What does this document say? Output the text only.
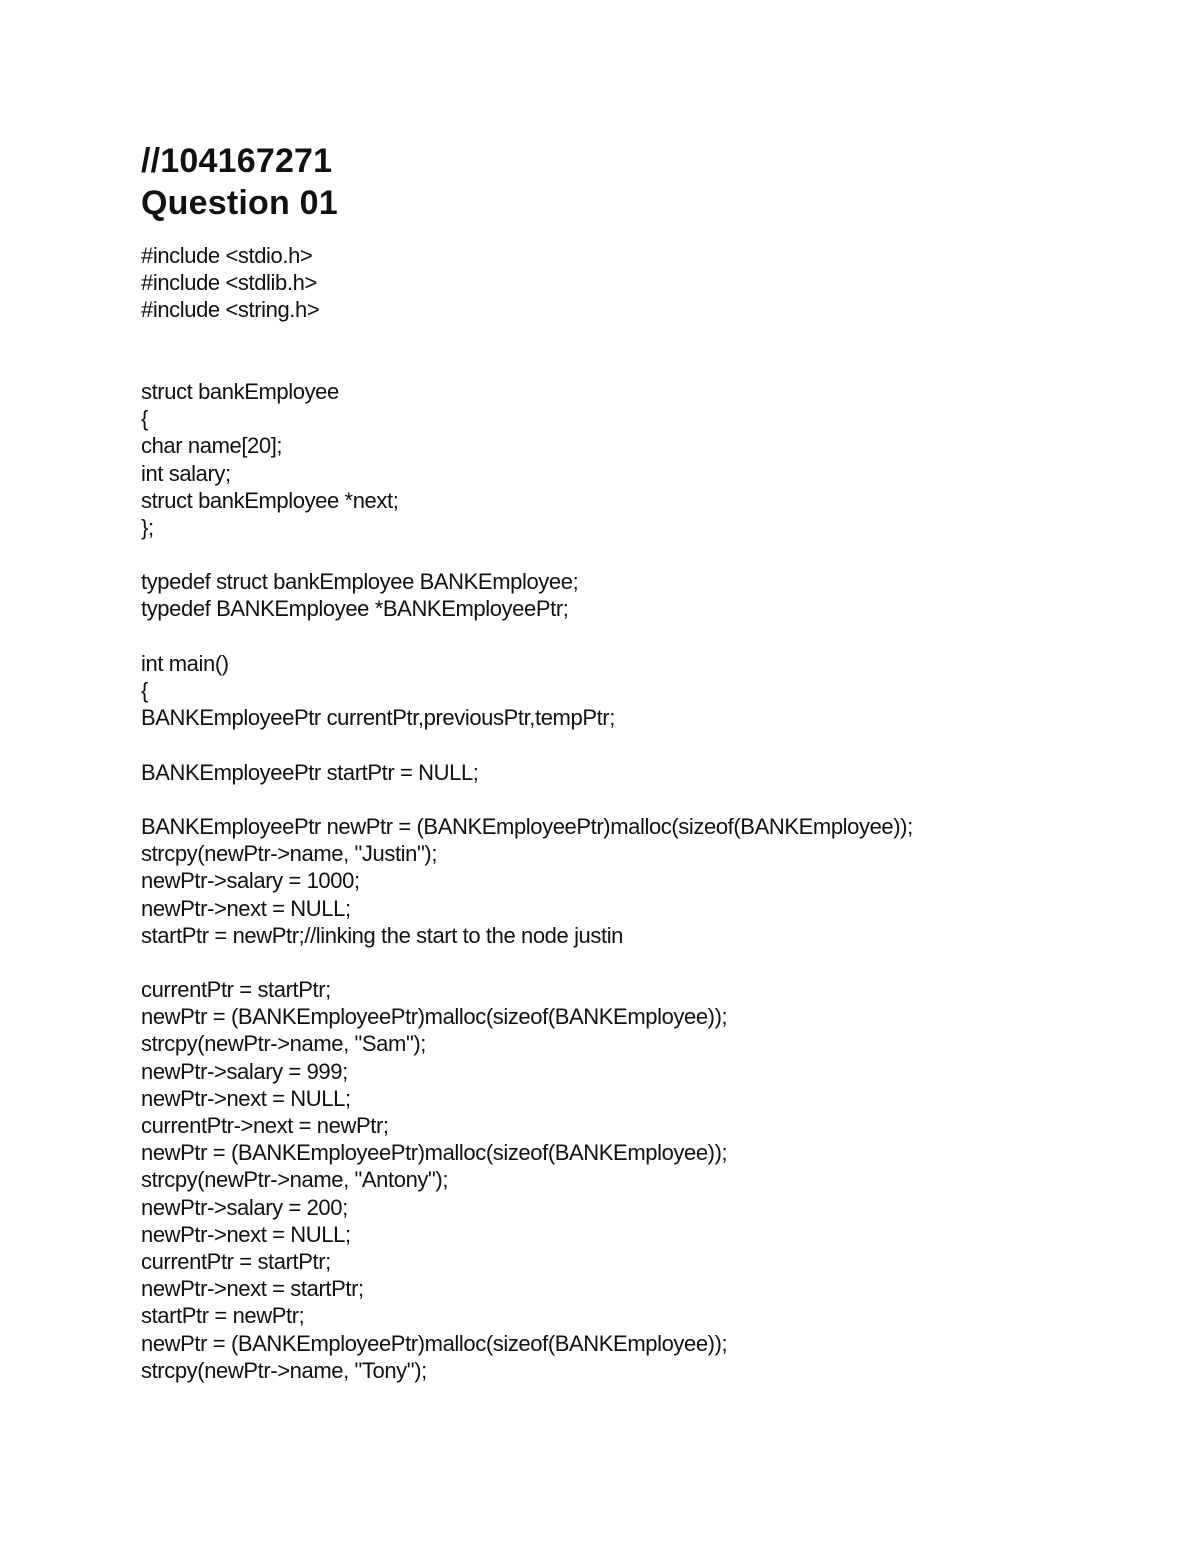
//104167271
Question 01
#include <stdio.h>
#include <stdlib.h>
#include <string.h>
struct bankEmployee
{
char name[20];
int salary;
struct bankEmployee *next;
};
typedef struct bankEmployee BANKEmployee;
typedef BANKEmployee *BANKEmployeePtr;
int main()
{
BANKEmployeePtr currentPtr,previousPtr,tempPtr;
BANKEmployeePtr startPtr = NULL;
BANKEmployeePtr newPtr = (BANKEmployeePtr)malloc(sizeof(BANKEmployee));
strcpy(newPtr->name, "Justin");
newPtr->salary = 1000;
newPtr->next = NULL;
startPtr = newPtr;//linking the start to the node justin
currentPtr = startPtr;
newPtr = (BANKEmployeePtr)malloc(sizeof(BANKEmployee));
strcpy(newPtr->name, "Sam");
newPtr->salary = 999;
newPtr->next = NULL;
currentPtr->next = newPtr;
newPtr = (BANKEmployeePtr)malloc(sizeof(BANKEmployee));
strcpy(newPtr->name, "Antony");
newPtr->salary = 200;
newPtr->next = NULL;
currentPtr = startPtr;
newPtr->next = startPtr;
startPtr = newPtr;
newPtr = (BANKEmployeePtr)malloc(sizeof(BANKEmployee));
strcpy(newPtr->name, "Tony");
